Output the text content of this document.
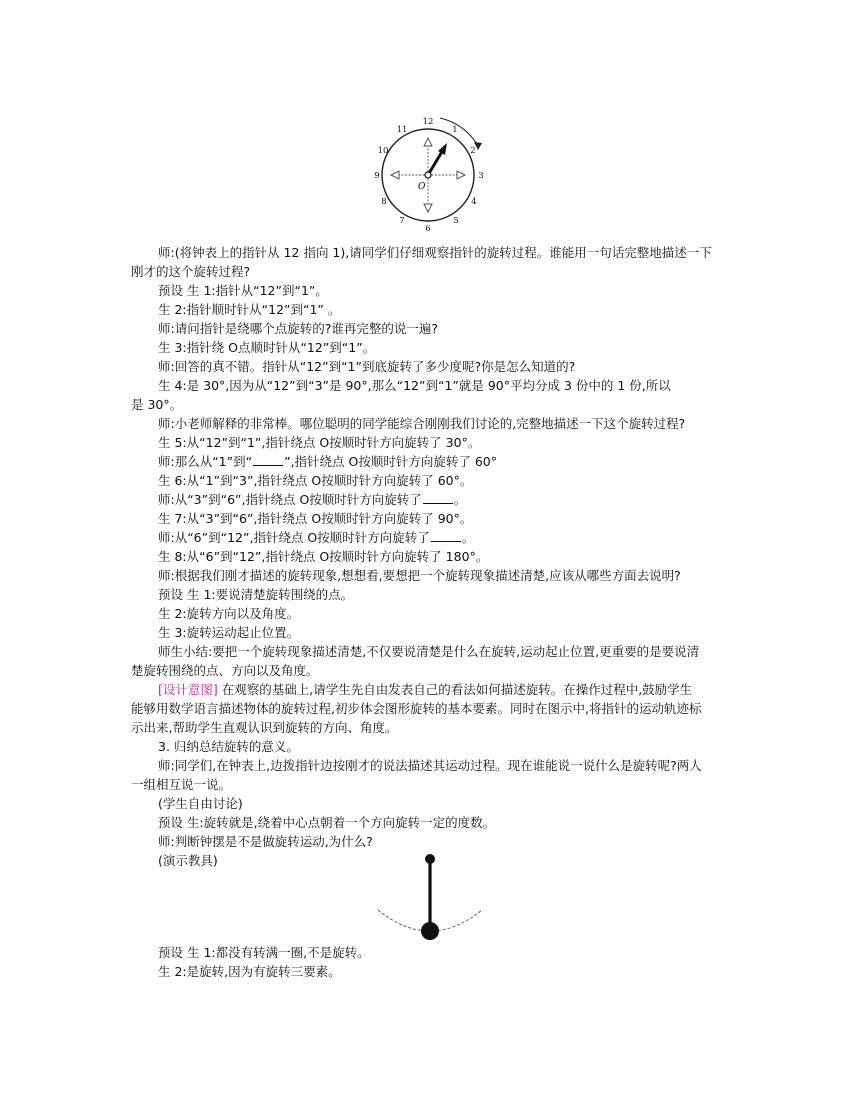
O
12
1
2
3
4
5
6
7
8
9
10
11
师:(将钟表上的指针从 12 指向 1),请同学们仔细观察指针的旋转过程。谁能用一句话完整地描述一下
刚才的这个旋转过程?
预设 生 1:指针从“12”到“1”。
生 2:指针顺时针从“12”到“1” 。
师:请问指针是绕哪个点旋转的?谁再完整的说一遍?
生 3:指针绕 O点顺时针从“12”到“1”。
师:回答的真不错。指针从“12”到“1”到底旋转了多少度呢?你是怎么知道的?
生 4:是 30°,因为从“12”到“3”是 90°,那么“12”到“1”就是 90°平均分成 3 份中的 1 份,所以
是 30°。
师:小老师解释的非常棒。哪位聪明的同学能综合刚刚我们讨论的,完整地描述一下这个旋转过程?
生 5:从“12”到“1”,指针绕点 O按顺时针方向旋转了 30°。
师:那么从“1”到“	”,指针绕点 O按顺时针方向旋转了 60°
生 6:从“1”到“3”,指针绕点 O按顺时针方向旋转了 60°。
师:从“3”到“6”,指针绕点 O按顺时针方向旋转了	。
生 7:从“3”到“6”,指针绕点 O按顺时针方向旋转了 90°。
师:从“6”到“12”,指针绕点 O按顺时针方向旋转了	。
生 8:从“6”到“12”,指针绕点 O按顺时针方向旋转了 180°。
师:根据我们刚才描述的旋转现象,想想看,要想把一个旋转现象描述清楚,应该从哪些方面去说明?
预设 生 1:要说清楚旋转围绕的点。
生 2:旋转方向以及角度。
生 3:旋转运动起止位置。
师生小结:要把一个旋转现象描述清楚,不仅要说清楚是什么在旋转,运动起止位置,更重要的是要说清
楚旋转围绕的点、方向以及角度。
[设计意图] 在观察的基础上,请学生先自由发表自己的看法如何描述旋转。在操作过程中,鼓励学生
能够用数学语言描述物体的旋转过程,初步体会图形旋转的基本要素。同时在图示中,将指针的运动轨迹标
示出来,帮助学生直观认识到旋转的方向、角度。
3. 归纳总结旋转的意义。
师:同学们,在钟表上,边拨指针边按刚才的说法描述其运动过程。现在谁能说一说什么是旋转呢?两人
一组相互说一说。
(学生自由讨论)
预设 生:旋转就是,绕着中心点朝着一个方向旋转一定的度数。
师:判断钟摆是不是做旋转运动,为什么?
(演示教具)
预设 生 1:都没有转满一圈,不是旋转。
生 2:是旋转,因为有旋转三要素。
